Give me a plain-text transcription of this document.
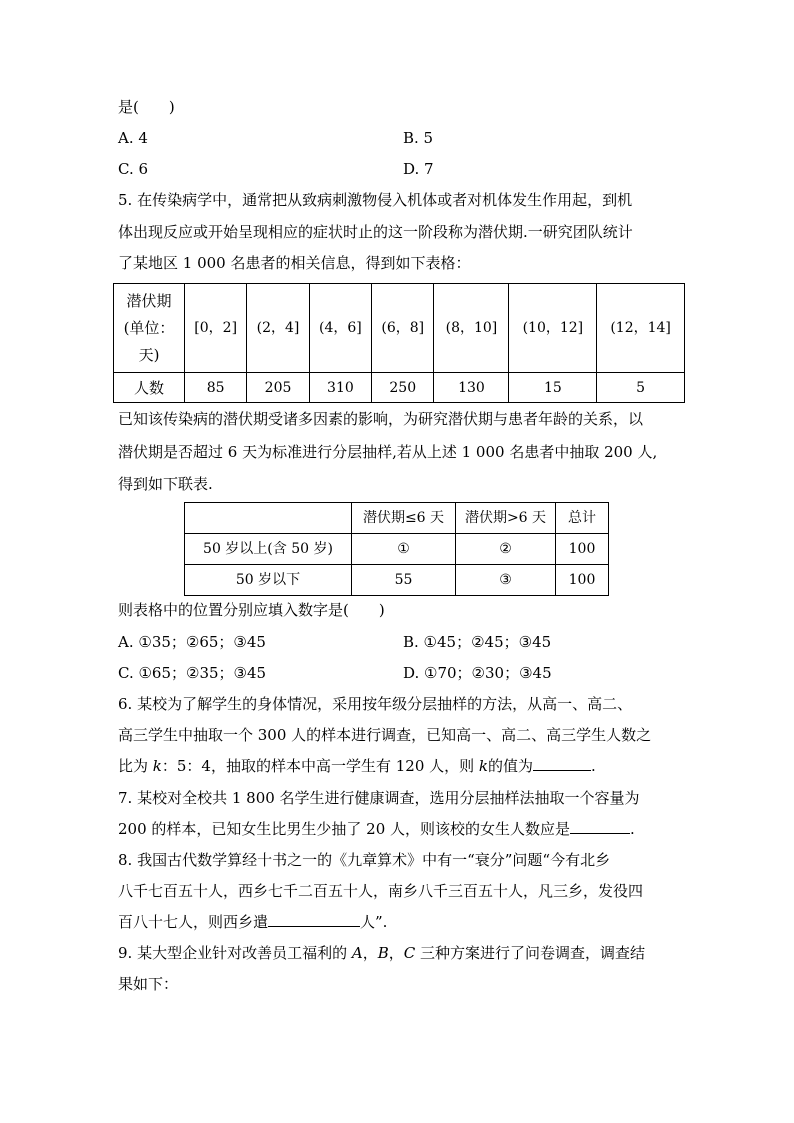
是(　　)
A. 4	B. 5
C. 6	D. 7
5. 在传染病学中，通常把从致病刺激物侵入机体或者对机体发生作用起，到机
体出现反应或开始呈现相应的症状时止的这一阶段称为潜伏期.一研究团队统计
了某地区 1 000 名患者的相关信息，得到如下表格：
潜伏期
(单位：
天)	[0，2]	(2，4]	(4，6]	(6，8]	(8，10]	(10，12]	(12，14]
人数	85	205	310	250	130	15	5
已知该传染病的潜伏期受诸多因素的影响，为研究潜伏期与患者年龄的关系，以
潜伏期是否超过 6 天为标准进行分层抽样,若从上述 1 000 名患者中抽取 200 人,
得到如下联表.
	潜伏期≤6 天	潜伏期>6 天	总计
50 岁以上(含 50 岁)	①	②	100
50 岁以下	55	③	100
则表格中的位置分别应填入数字是(　　)
A. ①35；②65；③45	B. ①45；②45；③45
C. ①65；②35；③45	D. ①70；②30；③45
6. 某校为了解学生的身体情况，采用按年级分层抽样的方法，从高一、高二、
高三学生中抽取一个 300 人的样本进行调查，已知高一、高二、高三学生人数之
比为 k：5：4，抽取的样本中高一学生有 120 人，则 k的值为	.
7. 某校对全校共 1 800 名学生进行健康调查，选用分层抽样法抽取一个容量为
200 的样本，已知女生比男生少抽了 20 人，则该校的女生人数应是	.
8. 我国古代数学算经十书之一的《九章算术》中有一“衰分”问题“今有北乡
八千七百五十人，西乡七千二百五十人，南乡八千三百五十人，凡三乡，发役四
百八十七人，则西乡遣	人”.
9. 某大型企业针对改善员工福利的 A，B，C 三种方案进行了问卷调查，调查结
果如下：
